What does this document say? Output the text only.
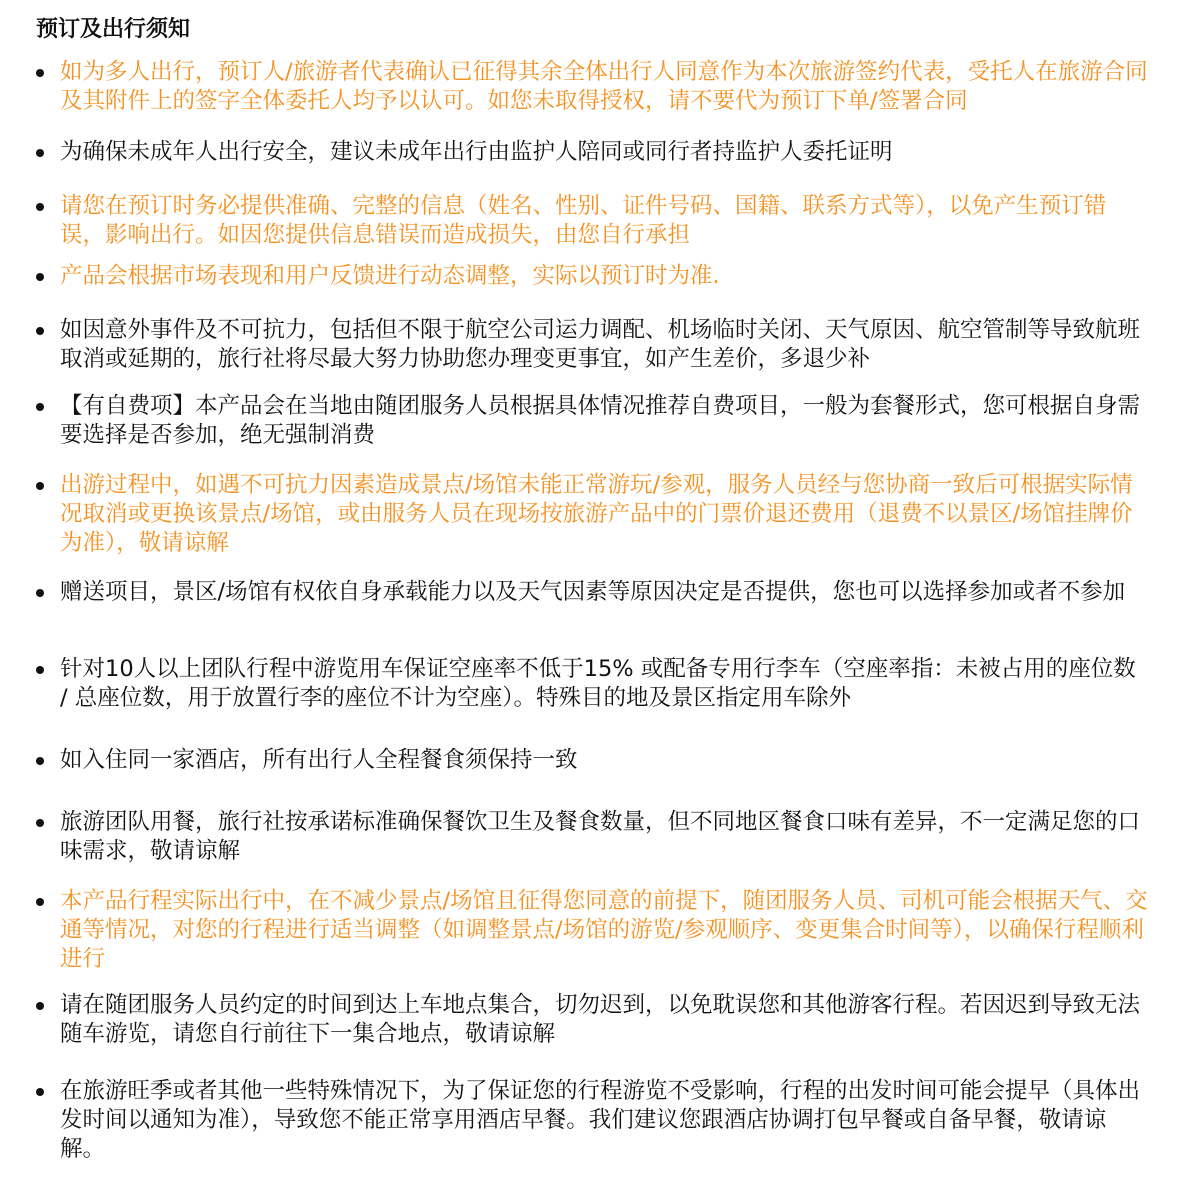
预订及出行须知
如为多人出行，预订人/旅游者代表确认已征得其余全体出行人同意作为本次旅游签约代表，受托人在旅游合同及其附件上的签字全体委托人均予以认可。如您未取得授权，请不要代为预订下单/签署合同
为确保未成年人出行安全，建议未成年出行由监护人陪同或同行者持监护人委托证明
请您在预订时务必提供准确、完整的信息（姓名、性别、证件号码、国籍、联系方式等），以免产生预订错误，影响出行。如因您提供信息错误而造成损失，由您自行承担
产品会根据市场表现和用户反馈进行动态调整，实际以预订时为准.
如因意外事件及不可抗力，包括但不限于航空公司运力调配、机场临时关闭、天气原因、航空管制等导致航班取消或延期的，旅行社将尽最大努力协助您办理变更事宜，如产生差价，多退少补
【有自费项】本产品会在当地由随团服务人员根据具体情况推荐自费项目，一般为套餐形式，您可根据自身需要选择是否参加，绝无强制消费
出游过程中，如遇不可抗力因素造成景点/场馆未能正常游玩/参观，服务人员经与您协商一致后可根据实际情况取消或更换该景点/场馆，或由服务人员在现场按旅游产品中的门票价退还费用（退费不以景区/场馆挂牌价为准），敬请谅解
赠送项目，景区/场馆有权依自身承载能力以及天气因素等原因决定是否提供，您也可以选择参加或者不参加
针对10人以上团队行程中游览用车保证空座率不低于15% 或配备专用行李车（空座率指：未被占用的座位数 / 总座位数，用于放置行李的座位不计为空座）。特殊目的地及景区指定用车除外
如入住同一家酒店，所有出行人全程餐食须保持一致
旅游团队用餐，旅行社按承诺标准确保餐饮卫生及餐食数量，但不同地区餐食口味有差异，不一定满足您的口味需求，敬请谅解
本产品行程实际出行中，在不减少景点/场馆且征得您同意的前提下，随团服务人员、司机可能会根据天气、交通等情况，对您的行程进行适当调整（如调整景点/场馆的游览/参观顺序、变更集合时间等），以确保行程顺利进行
请在随团服务人员约定的时间到达上车地点集合，切勿迟到，以免耽误您和其他游客行程。若因迟到导致无法随车游览，请您自行前往下一集合地点，敬请谅解
在旅游旺季或者其他一些特殊情况下，为了保证您的行程游览不受影响，行程的出发时间可能会提早（具体出发时间以通知为准），导致您不能正常享用酒店早餐。我们建议您跟酒店协调打包早餐或自备早餐，敬请谅解。
